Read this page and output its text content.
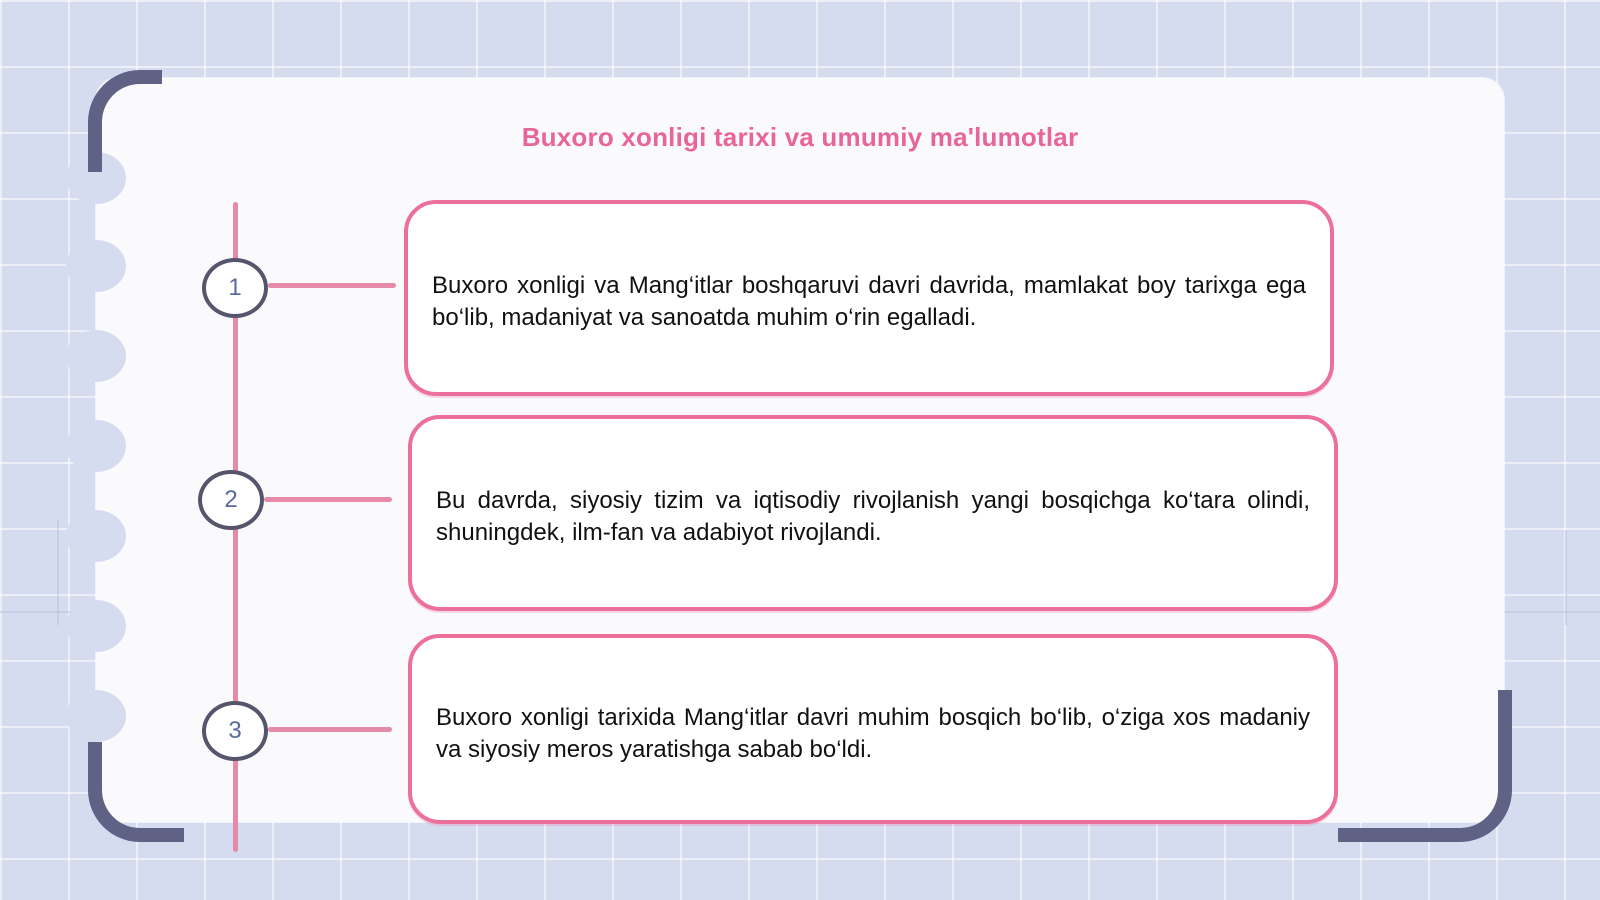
Buxoro xonligi tarixi va umumiy ma'lumotlar
1	Buxoro xonligi va Mang‘itlar boshqaruvi davri davrida, mamlakat boy tarixga ega bo‘lib, madaniyat va sanoatda muhim o‘rin egalladi.
2	Bu davrda, siyosiy tizim va iqtisodiy rivojlanish yangi bosqichga ko‘tara olindi, shuningdek, ilm-fan va adabiyot rivojlandi.
3	Buxoro xonligi tarixida Mang‘itlar davri muhim bosqich bo‘lib, o‘ziga xos madaniy va siyosiy meros yaratishga sabab bo‘ldi.
